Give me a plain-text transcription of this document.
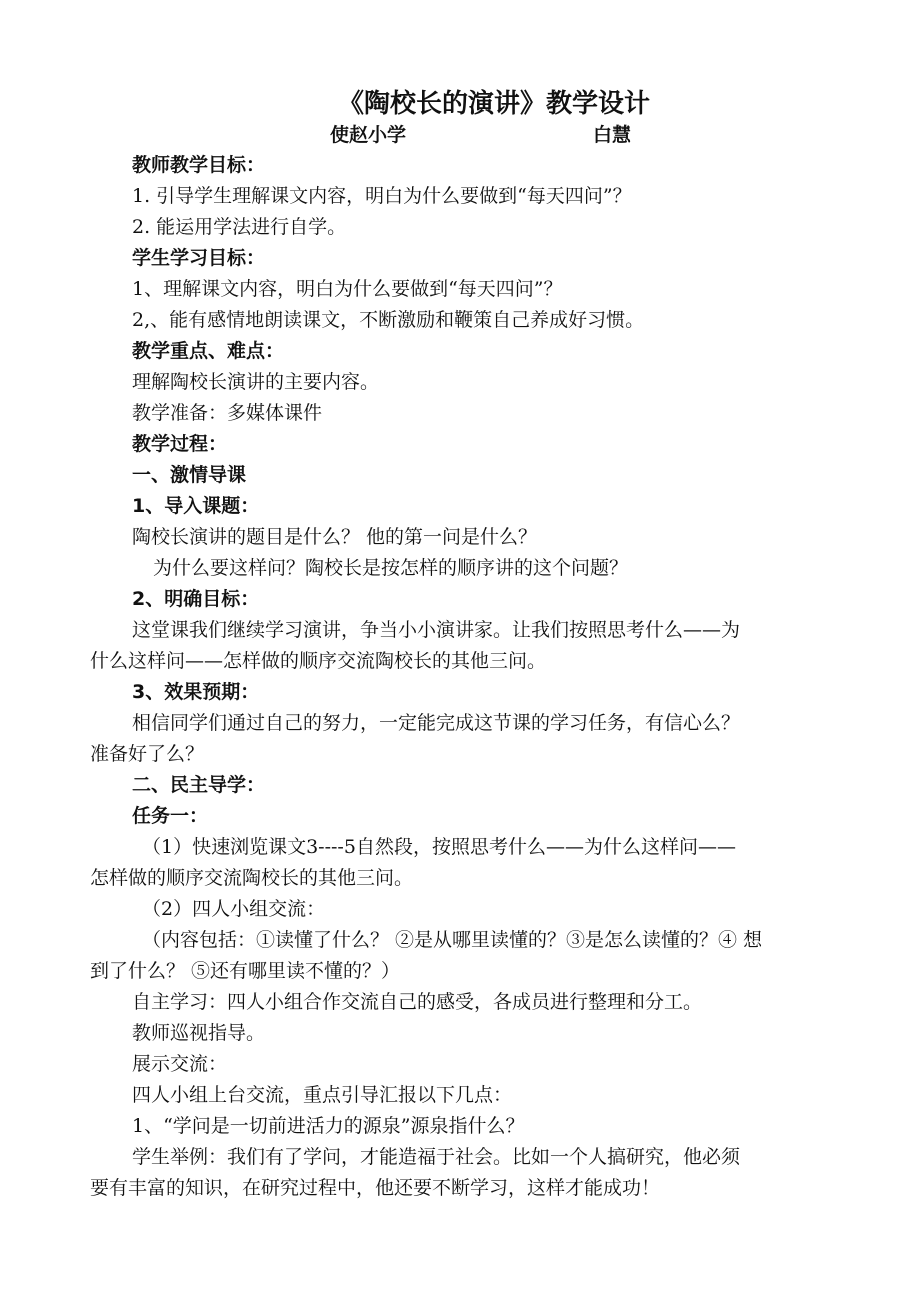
《陶校长的演讲》教学设计
使赵小学	白慧
教师教学目标：
1. 引导学生理解课文内容，明白为什么要做到“每天四问”？
2. 能运用学法进行自学。
学生学习目标：
1、理解课文内容，明白为什么要做到“每天四问”？
2,、能有感情地朗读课文，不断激励和鞭策自己养成好习惯。
教学重点、难点：
理解陶校长演讲的主要内容。
教学准备：多媒体课件
教学过程：
一、激情导课
1、导入课题：
陶校长演讲的题目是什么？ 他的第一问是什么？
为什么要这样问？陶校长是按怎样的顺序讲的这个问题？
2、明确目标：
这堂课我们继续学习演讲，争当小小演讲家。让我们按照思考什么——为
什么这样问——怎样做的顺序交流陶校长的其他三问。
3、效果预期：
相信同学们通过自己的努力，一定能完成这节课的学习任务，有信心么？
准备好了么？
二、民主导学：
任务一：
（1）快速浏览课文3----5自然段，按照思考什么——为什么这样问——
怎样做的顺序交流陶校长的其他三问。
（2）四人小组交流：
（内容包括：①读懂了什么？ ②是从哪里读懂的？③是怎么读懂的？④ 想
到了什么？ ⑤还有哪里读不懂的？）
自主学习：四人小组合作交流自己的感受，各成员进行整理和分工。
教师巡视指导。
展示交流：
四人小组上台交流，重点引导汇报以下几点：
1、“学问是一切前进活力的源泉”源泉指什么？
学生举例：我们有了学问，才能造福于社会。比如一个人搞研究，他必须
要有丰富的知识，在研究过程中，他还要不断学习，这样才能成功！
